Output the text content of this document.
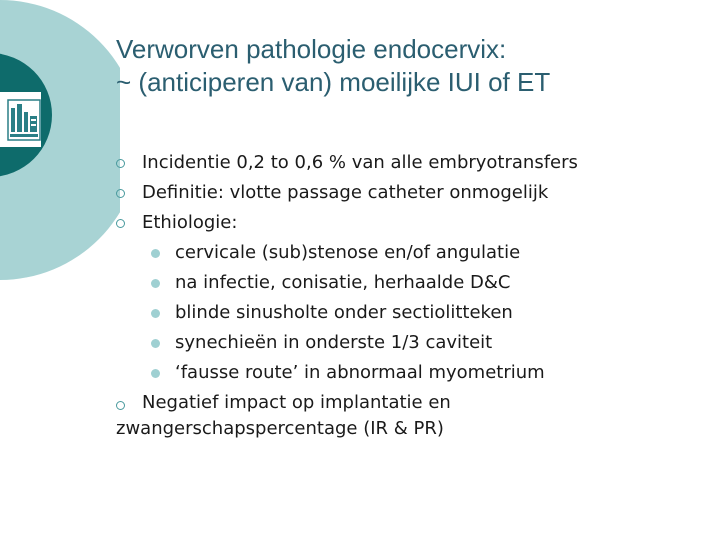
Verworven pathologie endocervix:
~ (anticiperen van) moeilijke IUI of ET
Incidentie 0,2 to 0,6 % van alle embryotransfers
Definitie: vlotte passage catheter onmogelijk
Ethiologie:
cervicale (sub)stenose en/of angulatie
na infectie, conisatie, herhaalde D&C
blinde sinusholte onder sectiolitteken
synechieën in onderste 1/3 caviteit
‘fausse route’ in abnormaal myometrium
Negatief impact op implantatie en
zwangerschapspercentage (IR & PR)
